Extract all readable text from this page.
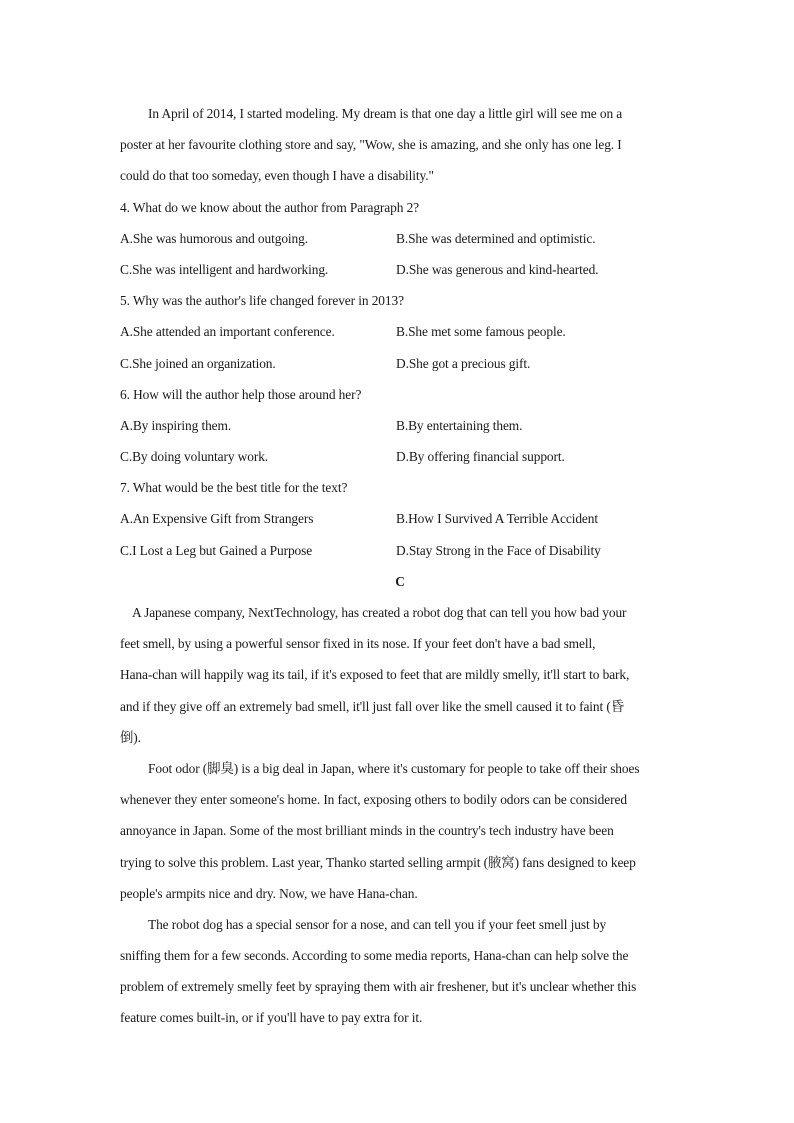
In April of 2014, I started modeling. My dream is that one day a little girl will see me on a
poster at her favourite clothing store and say, "Wow, she is amazing, and she only has one leg. I
could do that too someday, even though I have a disability."
4. What do we know about the author from Paragraph 2?
A.She was humorous and outgoing.	B.She was determined and optimistic.
C.She was intelligent and hardworking.	D.She was generous and kind-hearted.
5. Why was the author's life changed forever in 2013?
A.She attended an important conference.	B.She met some famous people.
C.She joined an organization.	D.She got a precious gift.
6. How will the author help those around her?
A.By inspiring them.	B.By entertaining them.
C.By doing voluntary work.	D.By offering financial support.
7. What would be the best title for the text?
A.An Expensive Gift from Strangers	B.How I Survived A Terrible Accident
C.I Lost a Leg but Gained a Purpose	D.Stay Strong in the Face of Disability
C
A Japanese company, NextTechnology, has created a robot dog that can tell you how bad your
feet smell, by using a powerful sensor fixed in its nose. If your feet don't have a bad smell,
Hana-chan will happily wag its tail, if it's exposed to feet that are mildly smelly, it'll start to bark,
and if they give off an extremely bad smell, it'll just fall over like the smell caused it to faint (昏
倒).
Foot odor (脚臭) is a big deal in Japan, where it's customary for people to take off their shoes
whenever they enter someone's home. In fact, exposing others to bodily odors can be considered
annoyance in Japan. Some of the most brilliant minds in the country's tech industry have been
trying to solve this problem. Last year, Thanko started selling armpit (腋窝) fans designed to keep
people's armpits nice and dry. Now, we have Hana-chan.
The robot dog has a special sensor for a nose, and can tell you if your feet smell just by
sniffing them for a few seconds. According to some media reports, Hana-chan can help solve the
problem of extremely smelly feet by spraying them with air freshener, but it's unclear whether this
feature comes built-in, or if you'll have to pay extra for it.
